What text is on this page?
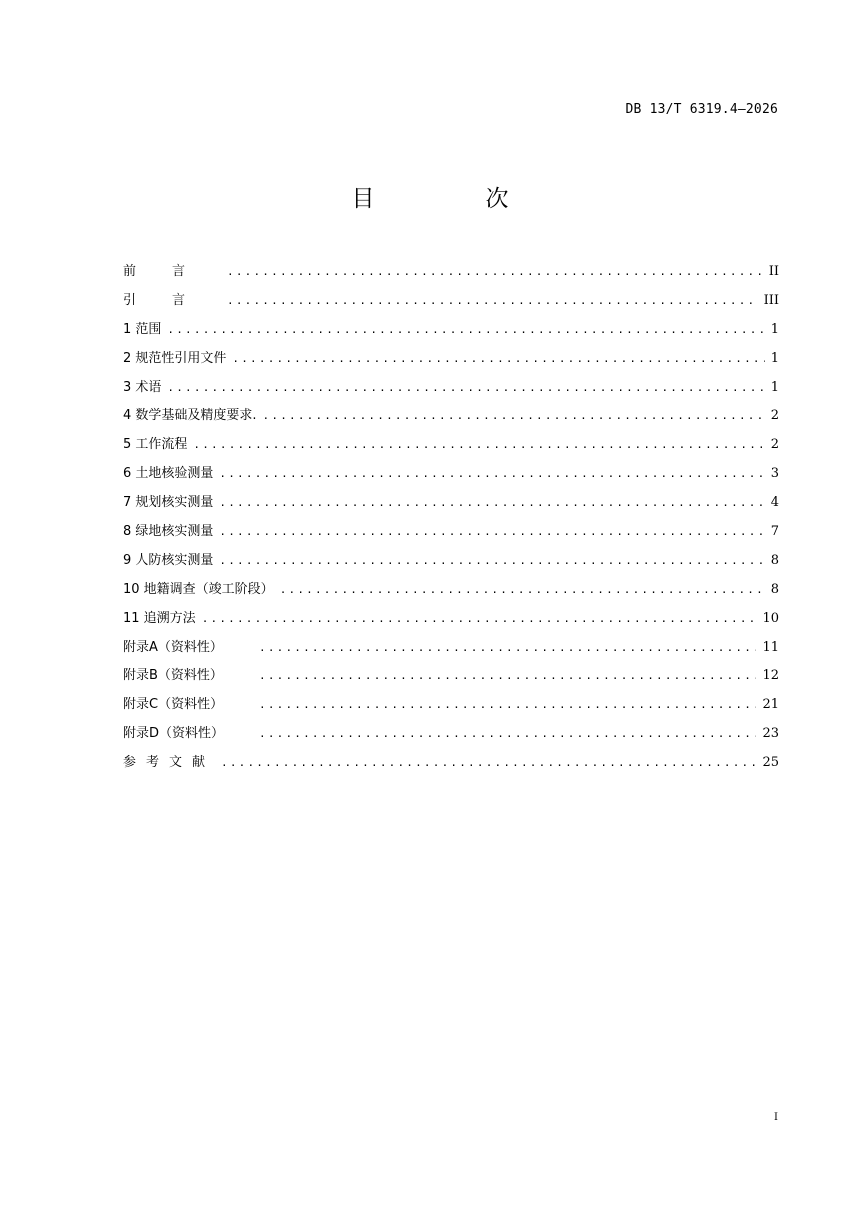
DB 13/T 6319.4—2026
目　次
前言 .....	II
引言 .....	III
1 范围 .....	1
2 规范性引用文件 .....	1
3 术语 .....	1
4 数学基础及精度要求. .....	2
5 工作流程 .....	2
6 土地核验测量 .....	3
7 规划核实测量 .....	4
8 绿地核实测量 .....	7
9 人防核实测量 .....	8
10 地籍调查（竣工阶段） .....	8
11 追溯方法 .....	10
附录A（资料性） .....	11
附录B（资料性） .....	12
附录C（资料性） .....	21
附录D（资料性） .....	23
参考文献 .....	25
I
